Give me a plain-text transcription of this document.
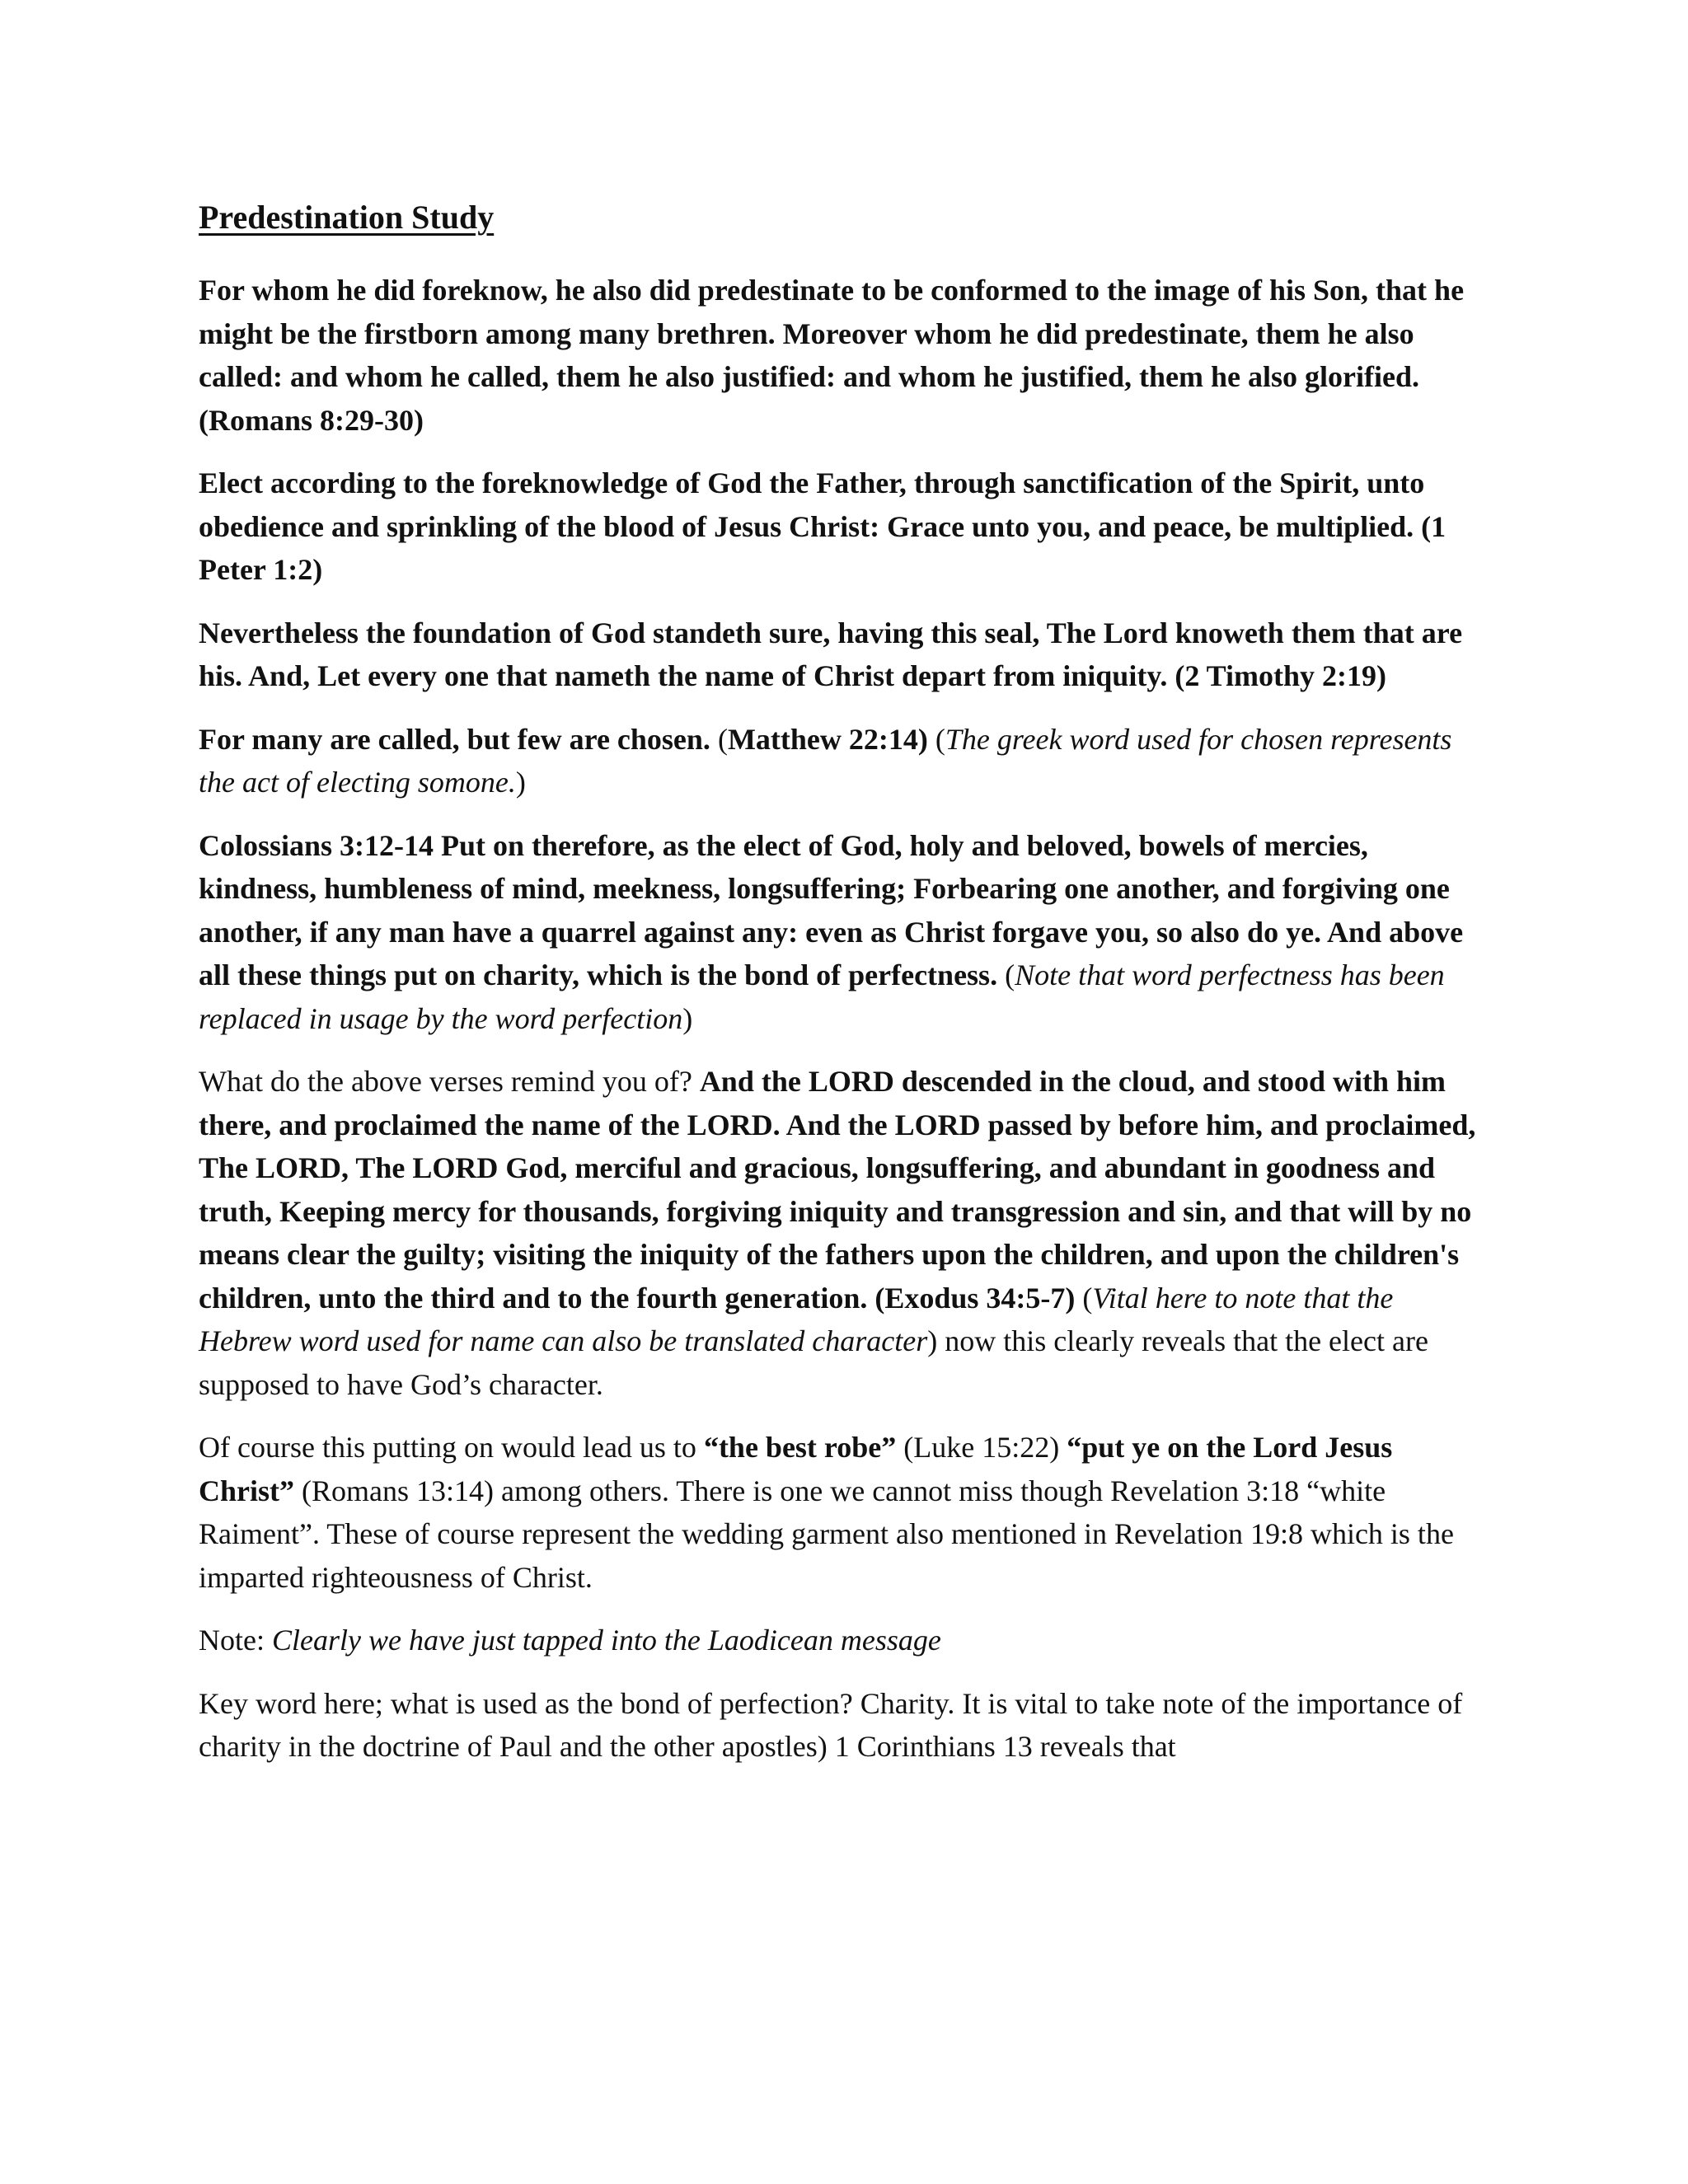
Predestination Study

For whom he did foreknow, he also did predestinate to be conformed to the image of his Son, that he might be the firstborn among many brethren. Moreover whom he did predestinate, them he also called: and whom he called, them he also justified: and whom he justified, them he also glorified. (Romans 8:29-30)

Elect according to the foreknowledge of God the Father, through sanctification of the Spirit, unto obedience and sprinkling of the blood of Jesus Christ: Grace unto you, and peace, be multiplied. (1 Peter 1:2)

Nevertheless the foundation of God standeth sure, having this seal, The Lord knoweth them that are his. And, Let every one that nameth the name of Christ depart from iniquity. (2 Timothy 2:19)

For many are called, but few are chosen. (Matthew 22:14) (The greek word used for chosen represents the act of electing somone.)

Colossians 3:12-14 Put on therefore, as the elect of God, holy and beloved, bowels of mercies, kindness, humbleness of mind, meekness, longsuffering; Forbearing one another, and forgiving one another, if any man have a quarrel against any: even as Christ forgave you, so also do ye. And above all these things put on charity, which is the bond of perfectness. (Note that word perfectness has been replaced in usage by the word perfection)

What do the above verses remind you of? And the LORD descended in the cloud, and stood with him there, and proclaimed the name of the LORD. And the LORD passed by before him, and proclaimed, The LORD, The LORD God, merciful and gracious, longsuffering, and abundant in goodness and truth, Keeping mercy for thousands, forgiving iniquity and transgression and sin, and that will by no means clear the guilty; visiting the iniquity of the fathers upon the children, and upon the children's children, unto the third and to the fourth generation. (Exodus 34:5-7) (Vital here to note that the Hebrew word used for name can also be translated character) now this clearly reveals that the elect are supposed to have God’s character.

Of course this putting on would lead us to “the best robe” (Luke 15:22) “put ye on the Lord Jesus Christ” (Romans 13:14) among others. There is one we cannot miss though Revelation 3:18 “white Raiment”. These of course represent the wedding garment also mentioned in Revelation 19:8 which is the imparted righteousness of Christ.

Note: Clearly we have just tapped into the Laodicean message

Key word here; what is used as the bond of perfection? Charity. It is vital to take note of the importance of charity in the doctrine of Paul and the other apostles) 1 Corinthians 13 reveals that
